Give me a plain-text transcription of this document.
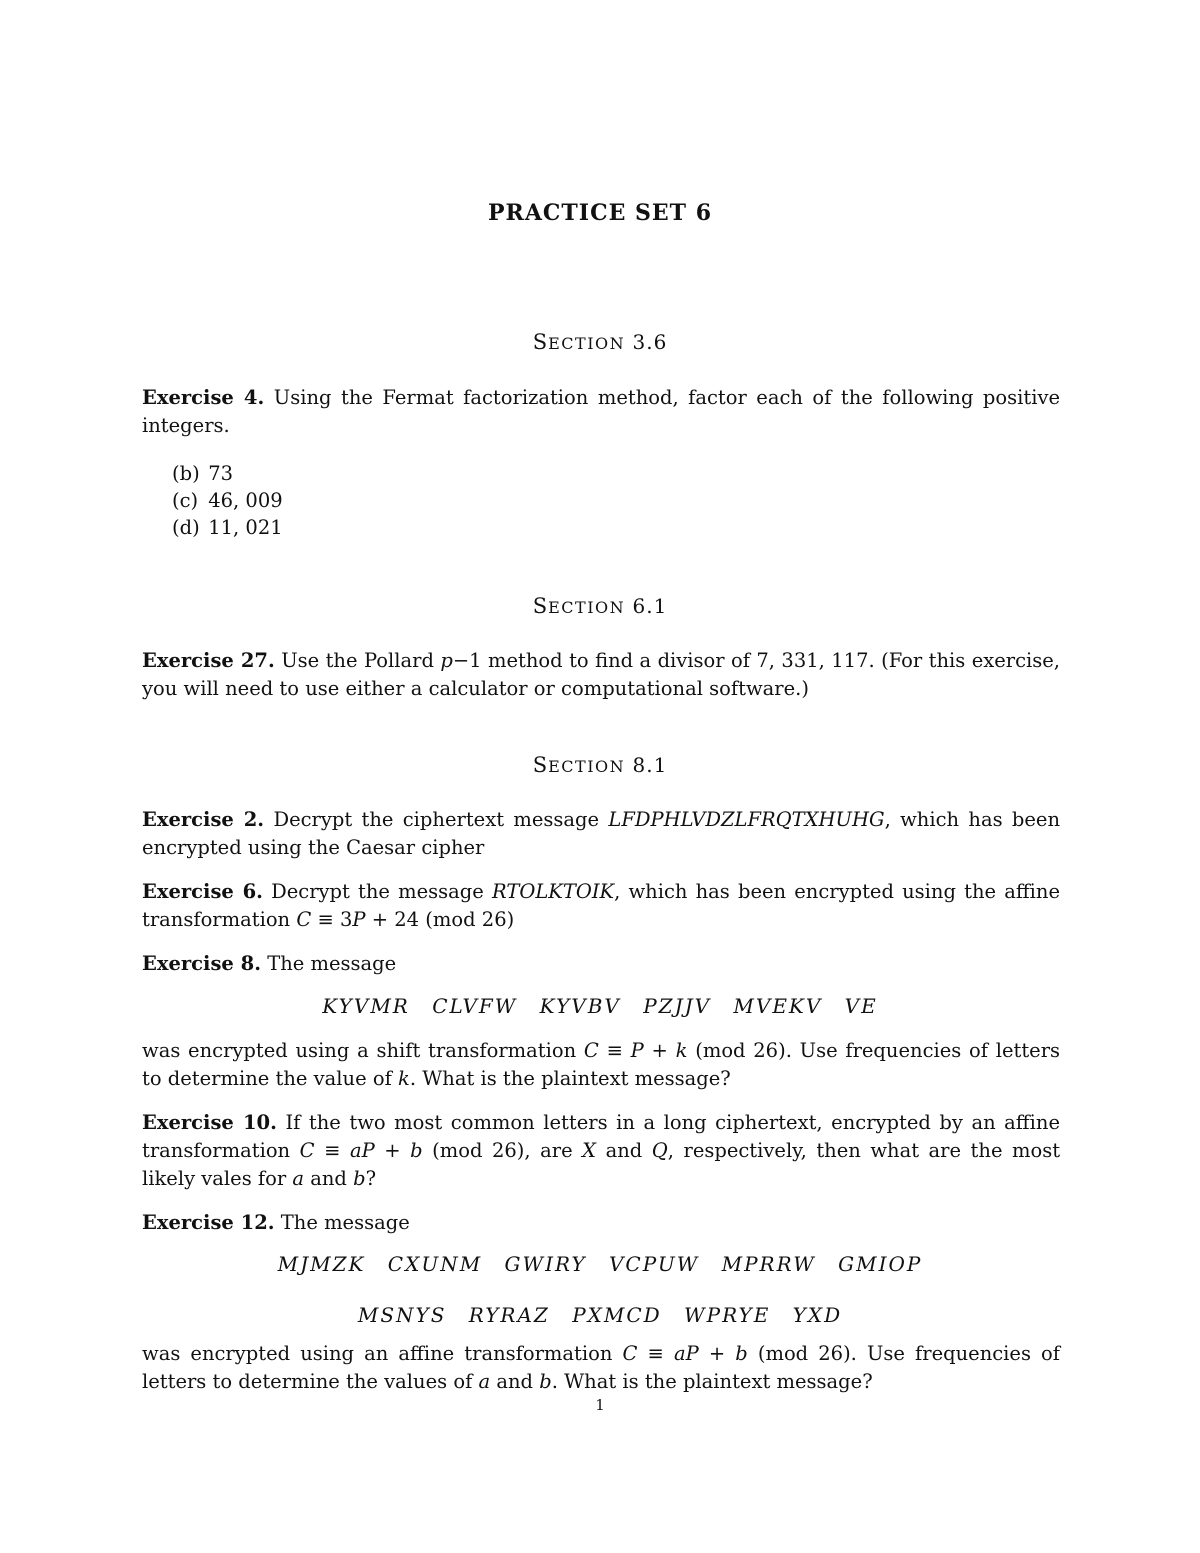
PRACTICE SET 6
SECTION 3.6
Exercise 4. Using the Fermat factorization method, factor each of the following positive integers.
(b) 73
(c) 46, 009
(d) 11, 021
SECTION 6.1
Exercise 27. Use the Pollard p−1 method to find a divisor of 7, 331, 117. (For this exercise, you will need to use either a calculator or computational software.)
SECTION 8.1
Exercise 2. Decrypt the ciphertext message LFDPHLVDZLFRQTXHUHG, which has been encrypted using the Caesar cipher
Exercise 6. Decrypt the message RTOLKTOIK, which has been encrypted using the affine transformation C ≡ 3P + 24 (mod 26)
Exercise 8. The message
KYVMR CLVFW KYVBV PZJJV MVEKV VE
was encrypted using a shift transformation C ≡ P + k (mod 26). Use frequencies of letters to determine the value of k. What is the plaintext message?
Exercise 10. If the two most common letters in a long ciphertext, encrypted by an affine transformation C ≡ aP + b (mod 26), are X and Q, respectively, then what are the most likely vales for a and b?
Exercise 12. The message
MJMZK CXUNM GWIRY VCPUW MPRRW GMIOP
MSNYS RYRAZ PXMCD WPRYE YXD
was encrypted using an affine transformation C ≡ aP + b (mod 26). Use frequencies of letters to determine the values of a and b. What is the plaintext message?
1
